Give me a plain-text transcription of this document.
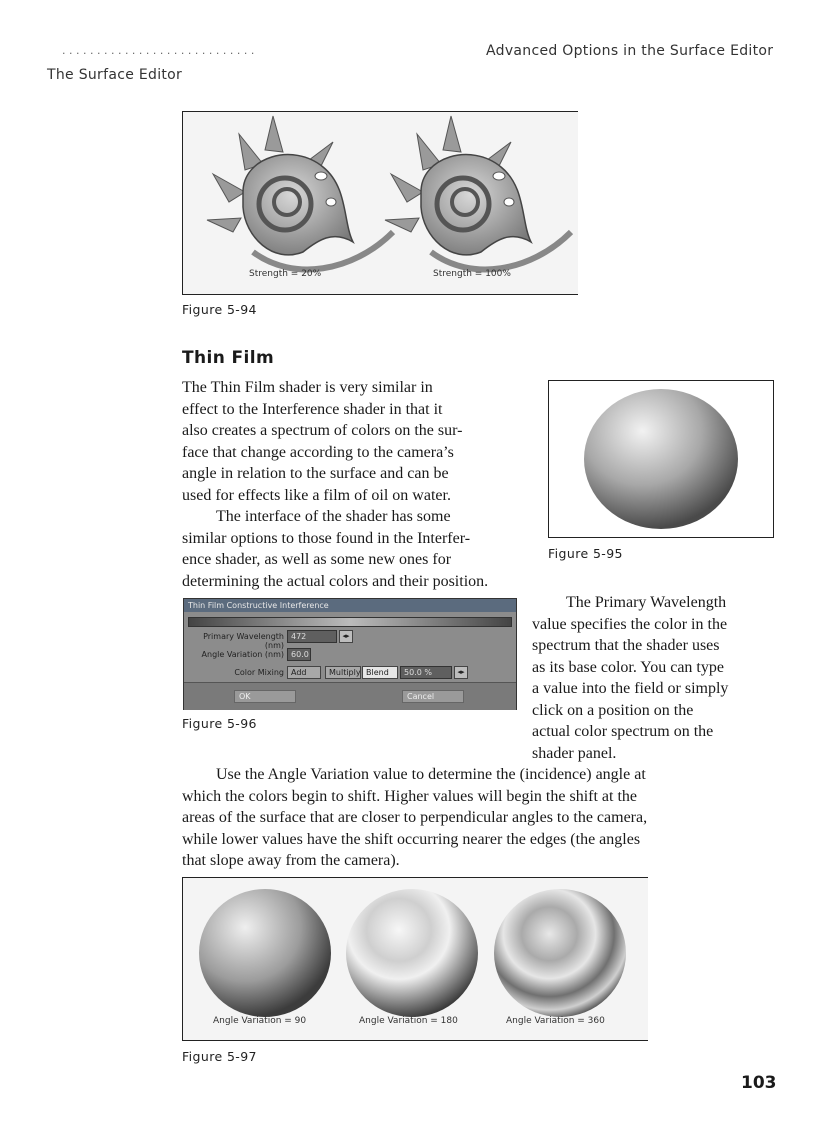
. . . . . . . . . . . . . . . . . . . . . . . . . . . .	Advanced Options in the Surface Editor
The Surface Editor
Strength = 20%	Strength = 100%
Figure 5-94
Thin Film
The Thin Film shader is very similar in
effect to the Interference shader in that it
also creates a spectrum of colors on the sur-
face that change according to the camera’s
angle in relation to the surface and can be
used for effects like a film of oil on water.
The interface of the shader has some
similar options to those found in the Interfer-
ence shader, as well as some new ones for
determining the actual colors and their position.
Figure 5-95
Thin Film Constructive Interference
Primary Wavelength (nm)
472	◂▸
Angle Variation (nm) 60.0
Color Mixing Add	Multiply Blend	50.0 %	◂▸
OK	Cancel
Figure 5-96
The Primary Wavelength
value specifies the color in the
spectrum that the shader uses
as its base color. You can type
a value into the field or simply
click on a position on the
actual color spectrum on the
shader panel.
Use the Angle Variation value to determine the (incidence) angle at
which the colors begin to shift. Higher values will begin the shift at the
areas of the surface that are closer to perpendicular angles to the camera,
while lower values have the shift occurring nearer the edges (the angles
that slope away from the camera).
Angle Variation = 90	Angle Variation = 180	Angle Variation = 360
Figure 5-97
103
